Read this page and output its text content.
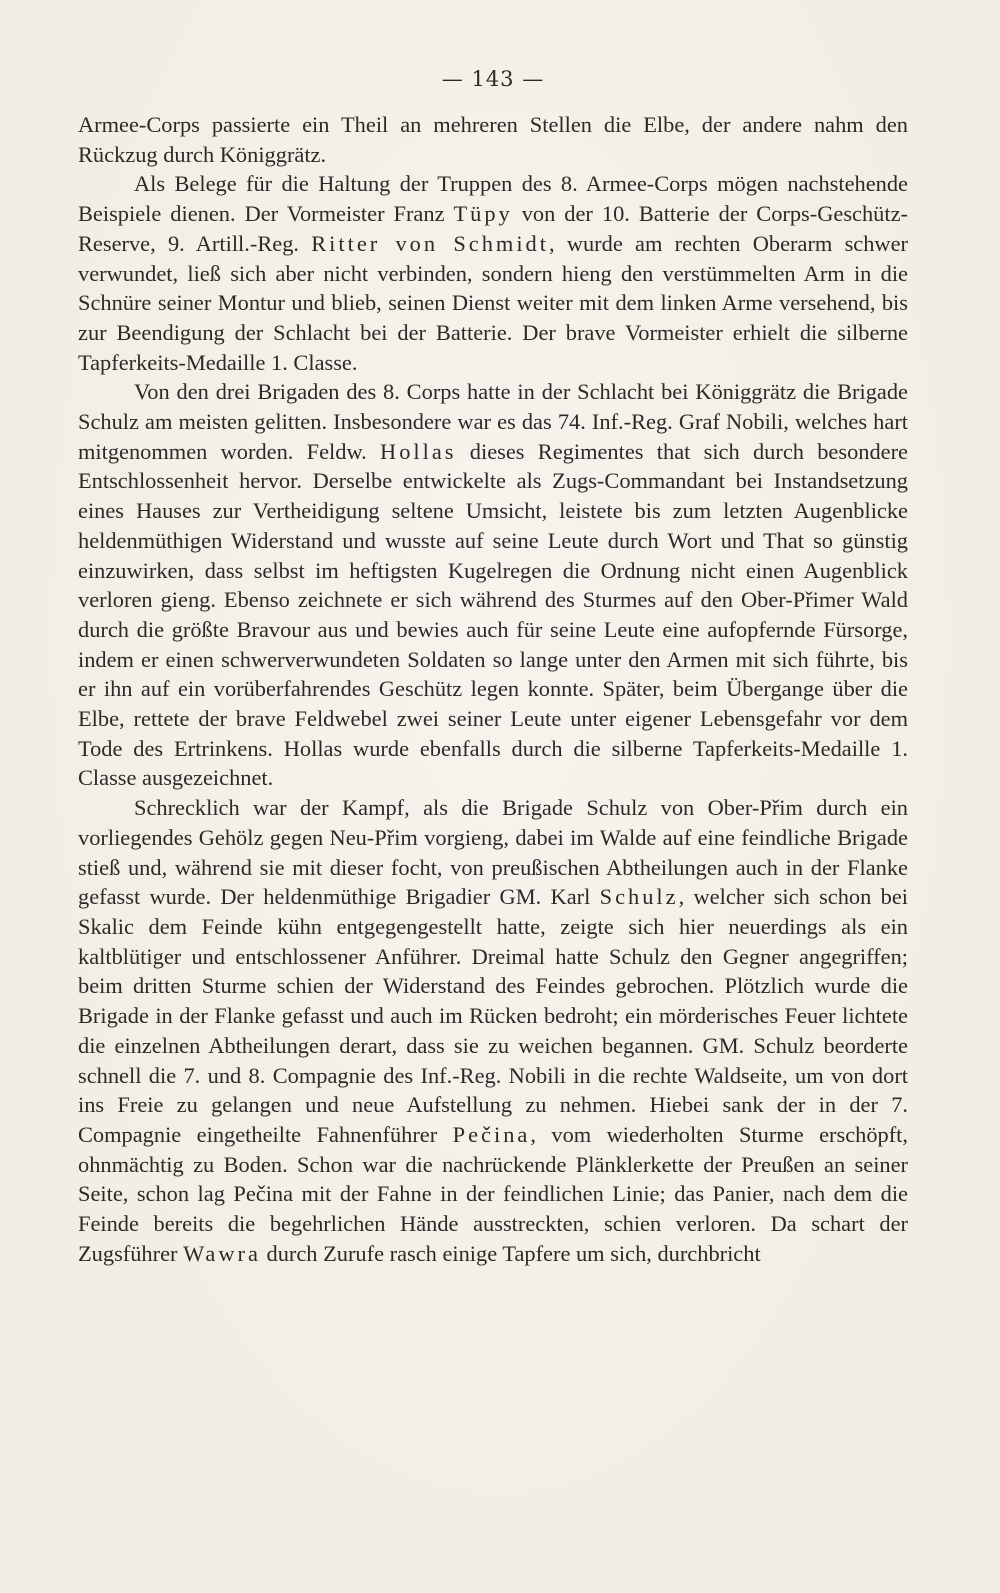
— 143 —

Armee-Corps passierte ein Theil an mehreren Stellen die Elbe, der andere nahm den Rückzug durch Königgrätz.

Als Belege für die Haltung der Truppen des 8. Armee-Corps mögen nachstehende Beispiele dienen. Der Vormeister Franz Tüpy von der 10. Batterie der Corps-Geschütz-Reserve, 9. Artill.-Reg. Ritter von Schmidt, wurde am rechten Oberarm schwer verwundet, ließ sich aber nicht verbinden, sondern hieng den verstümmelten Arm in die Schnüre seiner Montur und blieb, seinen Dienst weiter mit dem linken Arme versehend, bis zur Beendigung der Schlacht bei der Batterie. Der brave Vormeister erhielt die silberne Tapferkeits-Medaille 1. Classe.

Von den drei Brigaden des 8. Corps hatte in der Schlacht bei Königgrätz die Brigade Schulz am meisten gelitten. Insbesondere war es das 74. Inf.-Reg. Graf Nobili, welches hart mitgenommen worden. Feldw. Hollas dieses Regimentes that sich durch besondere Entschlossenheit hervor. Derselbe entwickelte als Zugs-Commandant bei Instandsetzung eines Hauses zur Vertheidigung seltene Umsicht, leistete bis zum letzten Augenblicke heldenmüthigen Widerstand und wusste auf seine Leute durch Wort und That so günstig einzuwirken, dass selbst im heftigsten Kugelregen die Ordnung nicht einen Augenblick verloren gieng. Ebenso zeichnete er sich während des Sturmes auf den Ober-Přimer Wald durch die größte Bravour aus und bewies auch für seine Leute eine aufopfernde Fürsorge, indem er einen schwerverwundeten Soldaten so lange unter den Armen mit sich führte, bis er ihn auf ein vorüberfahrendes Geschütz legen konnte. Später, beim Übergange über die Elbe, rettete der brave Feldwebel zwei seiner Leute unter eigener Lebensgefahr vor dem Tode des Ertrinkens. Hollas wurde ebenfalls durch die silberne Tapferkeits-Medaille 1. Classe ausgezeichnet.

Schrecklich war der Kampf, als die Brigade Schulz von Ober-Přim durch ein vorliegendes Gehölz gegen Neu-Přim vorgieng, dabei im Walde auf eine feindliche Brigade stieß und, während sie mit dieser focht, von preußischen Abtheilungen auch in der Flanke gefasst wurde. Der heldenmüthige Brigadier GM. Karl Schulz, welcher sich schon bei Skalic dem Feinde kühn entgegengestellt hatte, zeigte sich hier neuerdings als ein kaltblütiger und entschlossener Anführer. Dreimal hatte Schulz den Gegner angegriffen; beim dritten Sturme schien der Widerstand des Feindes gebrochen. Plötzlich wurde die Brigade in der Flanke gefasst und auch im Rücken bedroht; ein mörderisches Feuer lichtete die einzelnen Abtheilungen derart, dass sie zu weichen begannen. GM. Schulz beorderte schnell die 7. und 8. Compagnie des Inf.-Reg. Nobili in die rechte Waldseite, um von dort ins Freie zu gelangen und neue Aufstellung zu nehmen. Hiebei sank der in der 7. Compagnie eingetheilte Fahnenführer Pečina, vom wiederholten Sturme erschöpft, ohnmächtig zu Boden. Schon war die nachrückende Plänklerkette der Preußen an seiner Seite, schon lag Pečina mit der Fahne in der feindlichen Linie; das Panier, nach dem die Feinde bereits die begehrlichen Hände ausstreckten, schien verloren. Da schart der Zugsführer Wawra durch Zurufe rasch einige Tapfere um sich, durchbricht
